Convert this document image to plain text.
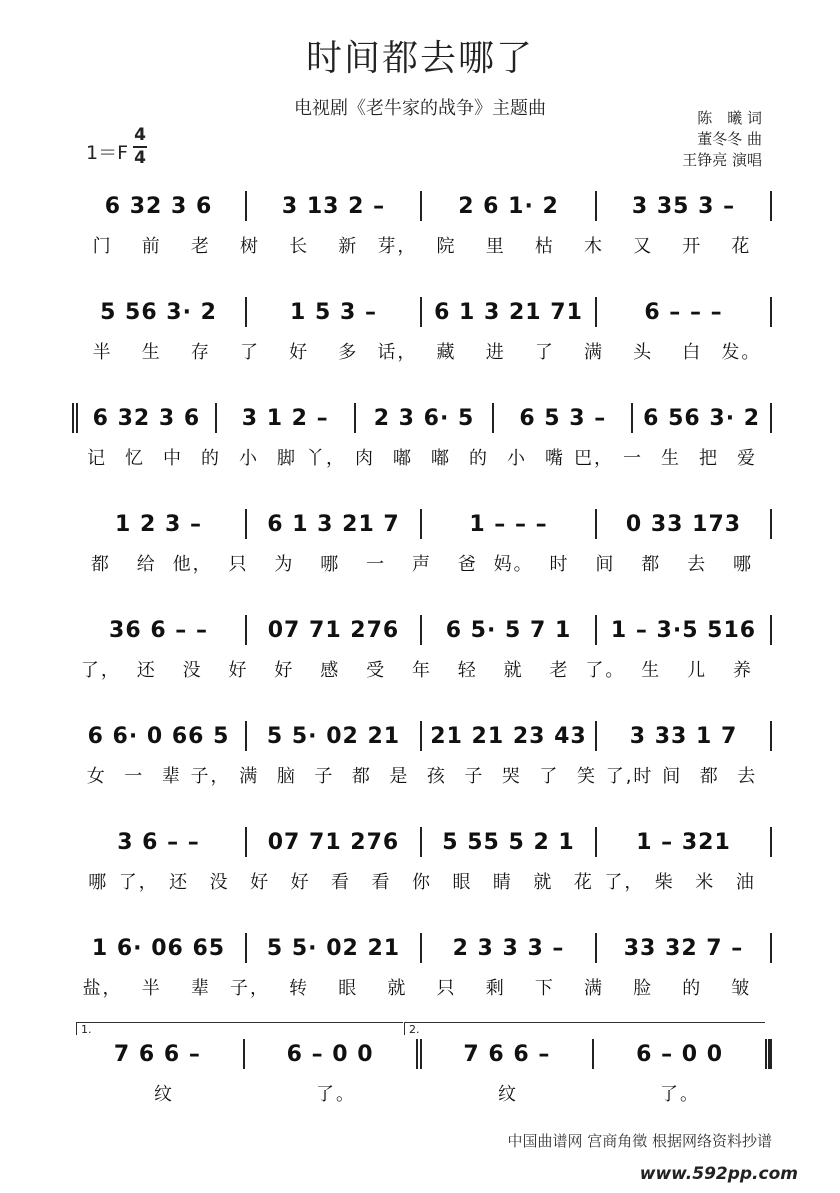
时间都去哪了
电视剧《老牛家的战争》主题曲	陈　曦 词
董冬冬 曲
王铮亮 演唱
1＝F
4
4
6 32 3 6	3 13 2 –	2 6 1· 2	3 35 3 –
门	前	老	树	长	新	芽，	院	里	枯	木	又	开	花
5 56 3· 2	1 5 3 –	6 1 3 21 71	6 – – –
半	生	存	了	好	多	话，	藏	进	了	满	头	白	发。
6 32 3 6	3 1 2 –	2 3 6· 5	6 5 3 –	6 56 3· 2
记	忆	中	的	小	脚 丫， 肉	嘟	嘟	的	小	嘴 巴， 一	生	把	爱
1 2 3 –	6 1 3 21 7	1 – – –	0 33 173
都	给 他， 只	为	哪	一	声	爸 妈。 时	间	都	去	哪
36 6 – –	07 71 276	6 5· 5 7 1	1 – 3·5 516
了， 还	没	好	好	感	受	年	轻	就	老 了。 生	儿	养
6 6· 0 66 5	5 5· 02 21	21 21 23 43	3 33 1 7
女 一 辈 子， 满 脑 子 都 是 孩 子 哭 了 笑 了,时 间 都 去
3 6 – –	07 71 276	5 55 5 2 1	1 – 321
哪 了， 还	没	好	好	看	看	你	眼	睛	就	花 了， 柴	米	油
1 6· 06 65	5 5· 02 21	2 3 3 3 –	33 32 7 –
盐，	半	辈	子，	转	眼	就	只	剩	下	满	脸	的	皱
7 6 6 –	6 – 0 0	7 6 6 –	6 – 0 0
1.	2.
纹	了。	纹	了。
中国曲谱网 宫商角徵 根据网络资料抄谱
www.592pp.com
